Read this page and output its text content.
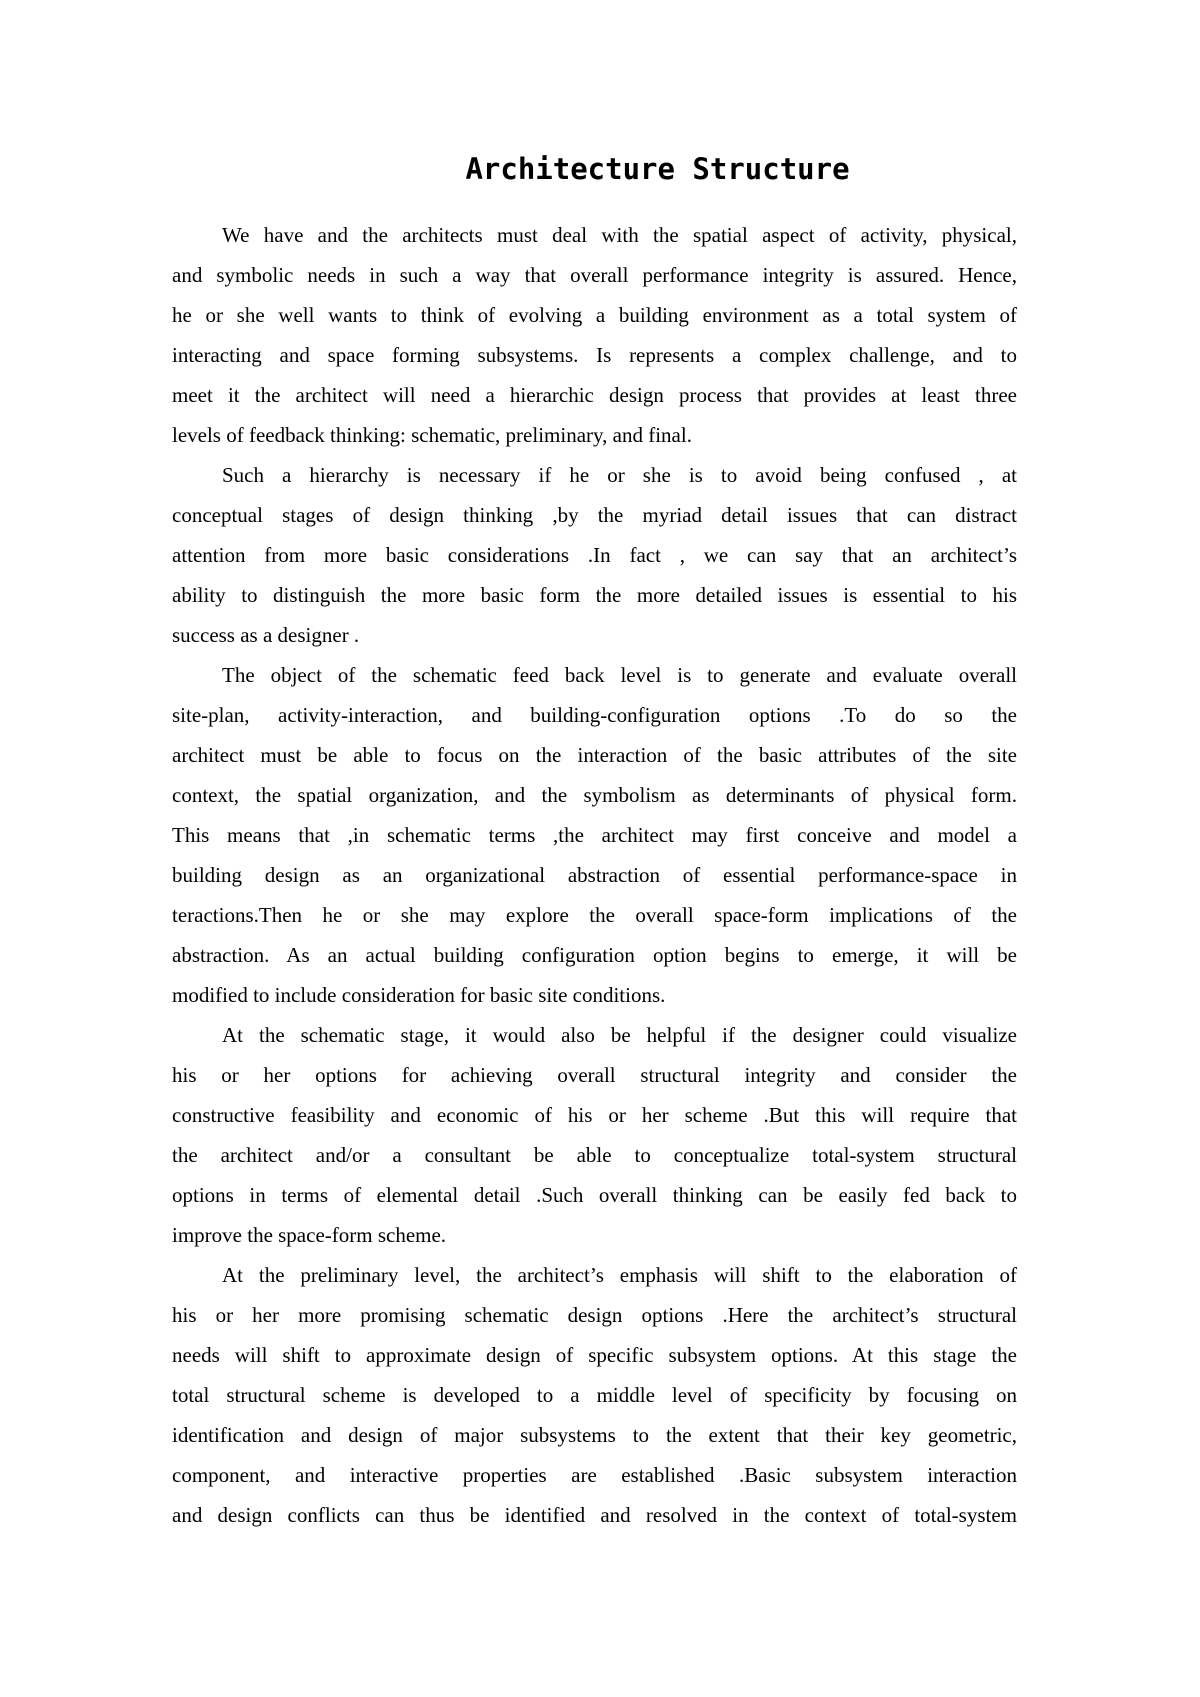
Architecture Structure
We have and the architects must deal with the spatial aspect of activity, physical,
and symbolic needs in such a way that overall performance integrity is assured. Hence,
he or she well wants to think of evolving a building environment as a total system of
interacting and space forming subsystems. Is represents a complex challenge, and to
meet it the architect will need a hierarchic design process that provides at least three
levels of feedback thinking: schematic, preliminary, and final.
Such a hierarchy is necessary if he or she is to avoid being confused , at
conceptual stages of design thinking ,by the myriad detail issues that can distract
attention from more basic considerations .In fact , we can say that an architect’s
ability to distinguish the more basic form the more detailed issues is essential to his
success as a designer .
The object of the schematic feed back level is to generate and evaluate overall
site-plan, activity-interaction, and building-configuration options .To do so the
architect must be able to focus on the interaction of the basic attributes of the site
context, the spatial organization, and the symbolism as determinants of physical form.
This means that ,in schematic terms ,the architect may first conceive and model a
building design as an organizational abstraction of essential performance-space in
teractions.Then he or she may explore the overall space-form implications of the
abstraction. As an actual building configuration option begins to emerge, it will be
modified to include consideration for basic site conditions.
At the schematic stage, it would also be helpful if the designer could visualize
his or her options for achieving overall structural integrity and consider the
constructive feasibility and economic of his or her scheme .But this will require that
the architect and/or a consultant be able to conceptualize total-system structural
options in terms of elemental detail .Such overall thinking can be easily fed back to
improve the space-form scheme.
At the preliminary level, the architect’s emphasis will shift to the elaboration of
his or her more promising schematic design options .Here the architect’s structural
needs will shift to approximate design of specific subsystem options. At this stage the
total structural scheme is developed to a middle level of specificity by focusing on
identification and design of major subsystems to the extent that their key geometric,
component, and interactive properties are established .Basic subsystem interaction
and design conflicts can thus be identified and resolved in the context of total-system
